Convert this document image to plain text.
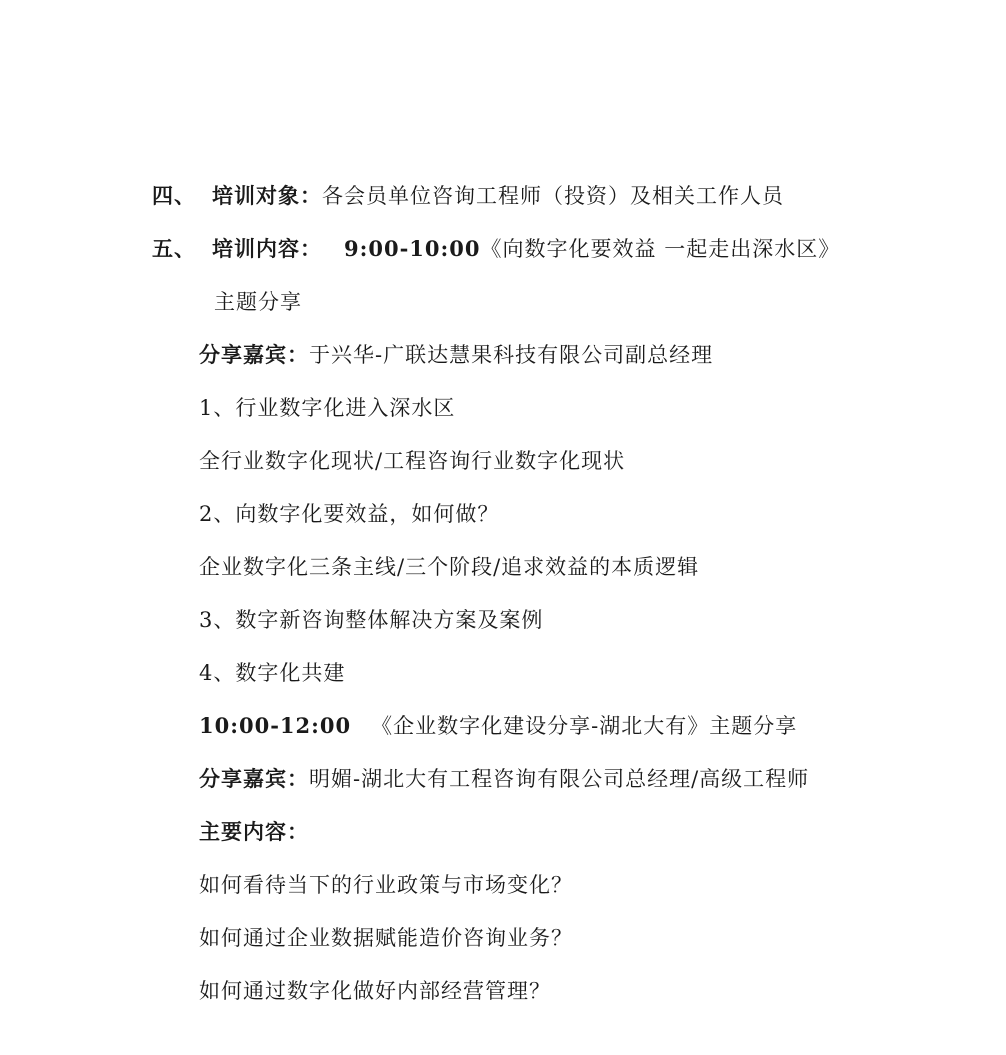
四、 培训对象：各会员单位咨询工程师（投资）及相关工作人员
五、 培训内容： 9:00-10:00《向数字化要效益 一起走出深水区》
主题分享
分享嘉宾：于兴华-广联达慧果科技有限公司副总经理
1、行业数字化进入深水区
全行业数字化现状/工程咨询行业数字化现状
2、向数字化要效益，如何做？
企业数字化三条主线/三个阶段/追求效益的本质逻辑
3、数字新咨询整体解决方案及案例
4、数字化共建
10:00-12:00 《企业数字化建设分享-湖北大有》主题分享
分享嘉宾：明媚-湖北大有工程咨询有限公司总经理/高级工程师
主要内容：
如何看待当下的行业政策与市场变化？
如何通过企业数据赋能造价咨询业务？
如何通过数字化做好内部经营管理？
